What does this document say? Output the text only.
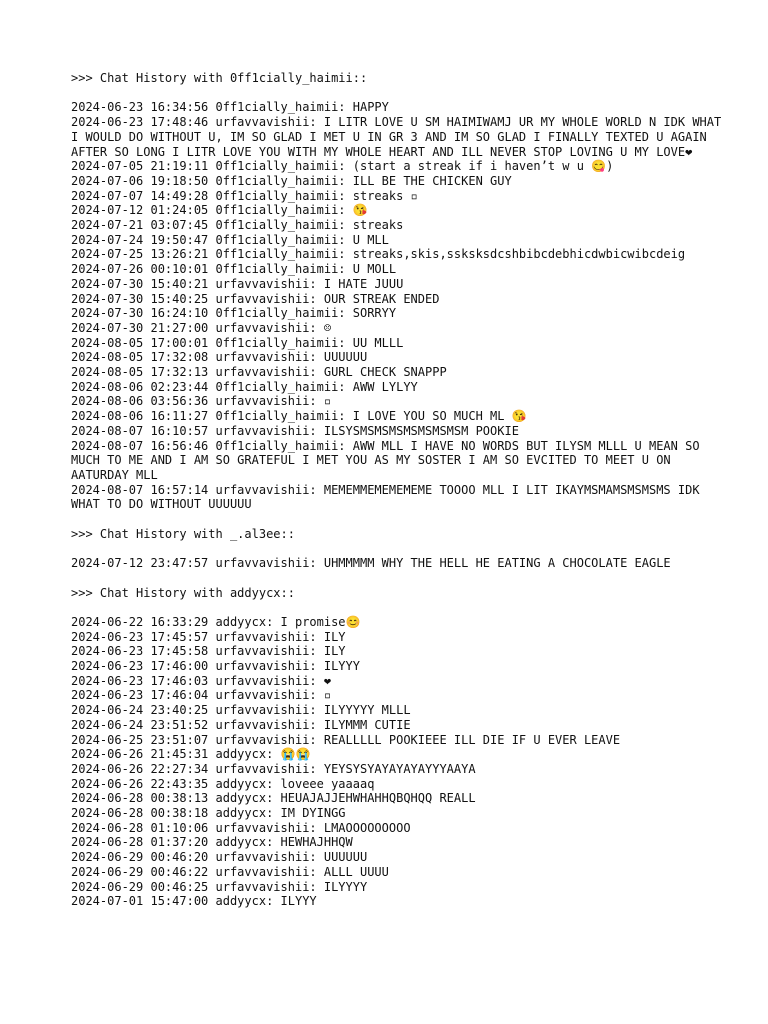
>>> Chat History with 0ff1cially_haimii::
2024-06-23 16:34:56 0ff1cially_haimii: HAPPY
2024-06-23 17:48:46 urfavvavishii: I LITR LOVE U SM HAIMIWAMJ UR MY WHOLE WORLD N IDK WHAT I WOULD DO WITHOUT U, IM SO GLAD I MET U IN GR 3 AND IM SO GLAD I FINALLY TEXTED U AGAIN AFTER SO LONG I LITR LOVE YOU WITH MY WHOLE HEART AND ILL NEVER STOP LOVING U MY LOVE❤
2024-07-05 21:19:11 0ff1cially_haimii: (start a streak if i haven’t w u 😋)
2024-07-06 19:18:50 0ff1cially_haimii: ILL BE THE CHICKEN GUY
2024-07-07 14:49:28 0ff1cially_haimii: streaks ▫
2024-07-12 01:24:05 0ff1cially_haimii: 😘
2024-07-21 03:07:45 0ff1cially_haimii: streaks
2024-07-24 19:50:47 0ff1cially_haimii: U MLL
2024-07-25 13:26:21 0ff1cially_haimii: streaks,skis,ssksksdcshbibcdebhicdwbicwibcdeig
2024-07-26 00:10:01 0ff1cially_haimii: U MOLL
2024-07-30 15:40:21 urfavvavishii: I HATE JUUU
2024-07-30 15:40:25 urfavvavishii: OUR STREAK ENDED
2024-07-30 16:24:10 0ff1cially_haimii: SORRYY
2024-07-30 21:27:00 urfavvavishii: ☹
2024-08-05 17:00:01 0ff1cially_haimii: UU MLLL
2024-08-05 17:32:08 urfavvavishii: UUUUUU
2024-08-05 17:32:13 urfavvavishii: GURL CHECK SNAPPP
2024-08-06 02:23:44 0ff1cially_haimii: AWW LYLYY
2024-08-06 03:56:36 urfavvavishii: ▫
2024-08-06 16:11:27 0ff1cially_haimii: I LOVE YOU SO MUCH ML 😘
2024-08-07 16:10:57 urfavvavishii: ILSYSMSMSMSMSMSMSMSM POOKIE
2024-08-07 16:56:46 0ff1cially_haimii: AWW MLL I HAVE NO WORDS BUT ILYSM MLLL U MEAN SO MUCH TO ME AND I AM SO GRATEFUL I MET YOU AS MY SOSTER I AM SO EVCITED TO MEET U ON AATURDAY MLL
2024-08-07 16:57:14 urfavvavishii: MEMEMMEMEMEMEME TOOOO MLL I LIT IKAYMSMAMSMSMSMS IDK WHAT TO DO WITHOUT UUUUUU
>>> Chat History with _.al3ee::
2024-07-12 23:47:57 urfavvavishii: UHMMMMM WHY THE HELL HE EATING A CHOCOLATE EAGLE
>>> Chat History with addyycx::
2024-06-22 16:33:29 addyycx: I promise😊
2024-06-23 17:45:57 urfavvavishii: ILY
2024-06-23 17:45:58 urfavvavishii: ILY
2024-06-23 17:46:00 urfavvavishii: ILYYY
2024-06-23 17:46:03 urfavvavishii: ❤
2024-06-23 17:46:04 urfavvavishii: ▫
2024-06-24 23:40:25 urfavvavishii: ILYYYYY MLLL
2024-06-24 23:51:52 urfavvavishii: ILYMMM CUTIE
2024-06-25 23:51:07 urfavvavishii: REALLLLL POOKIEEE ILL DIE IF U EVER LEAVE
2024-06-26 21:45:31 addyycx: 😭😭
2024-06-26 22:27:34 urfavvavishii: YEYSYSYAYAYAYAYYYAAYA
2024-06-26 22:43:35 addyycx: loveee yaaaaq
2024-06-28 00:38:13 addyycx: HEUAJAJJEHWHAHHQBQHQQ REALL
2024-06-28 00:38:18 addyycx: IM DYINGG
2024-06-28 01:10:06 urfavvavishii: LMAOOOOOOOOO
2024-06-28 01:37:20 addyycx: HEWHAJHHQW
2024-06-29 00:46:20 urfavvavishii: UUUUUU
2024-06-29 00:46:22 urfavvavishii: ALLL UUUU
2024-06-29 00:46:25 urfavvavishii: ILYYYY
2024-07-01 15:47:00 addyycx: ILYYY
